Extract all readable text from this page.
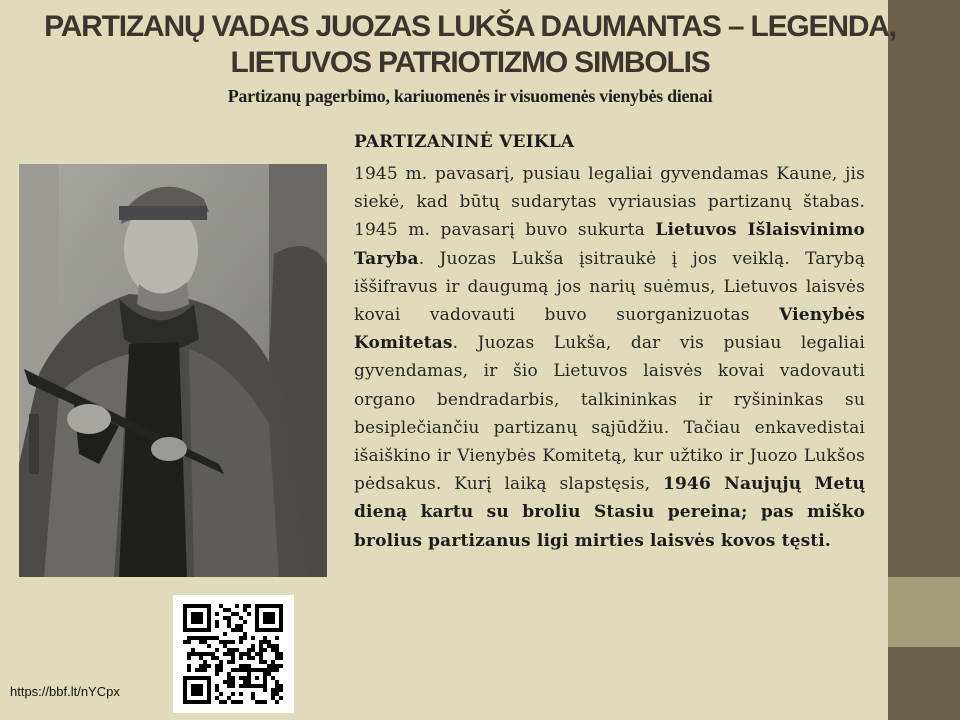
PARTIZANŲ VADAS JUOZAS LUKŠA DAUMANTAS – LEGENDA,
LIETUVOS PATRIOTIZMO SIMBOLIS
Partizanų pagerbimo, kariuomenės ir visuomenės vienybės dienai
https://bbf.lt/nYCpx
PARTIZANINĖ VEIKLA
1945 m. pavasarį, pusiau legaliai gyvendamas Kaune, jis siekė, kad būtų sudarytas vyriausias partizanų štabas. 1945 m. pavasarį buvo sukurta Lietuvos Išlaisvinimo Taryba. Juozas Lukša įsitraukė į jos veiklą. Tarybą iššifravus ir daugumą jos narių suėmus, Lietuvos laisvės kovai vadovauti buvo suorganizuotas Vienybės Komitetas. Juozas Lukša, dar vis pusiau legaliai gyvendamas, ir šio Lietuvos laisvės kovai vadovauti organo bendradarbis, talkininkas ir ryšininkas su besiplečiančiu partizanų sąjūdžiu. Tačiau enkavedistai išaiškino ir Vienybės Komitetą, kur užtiko ir Juozo Lukšos pėdsakus. Kurį laiką slapstęsis, 1946 Naujųjų Metų dieną kartu su broliu Stasiu pereina; pas miško brolius partizanus ligi mirties laisvės kovos tęsti.
